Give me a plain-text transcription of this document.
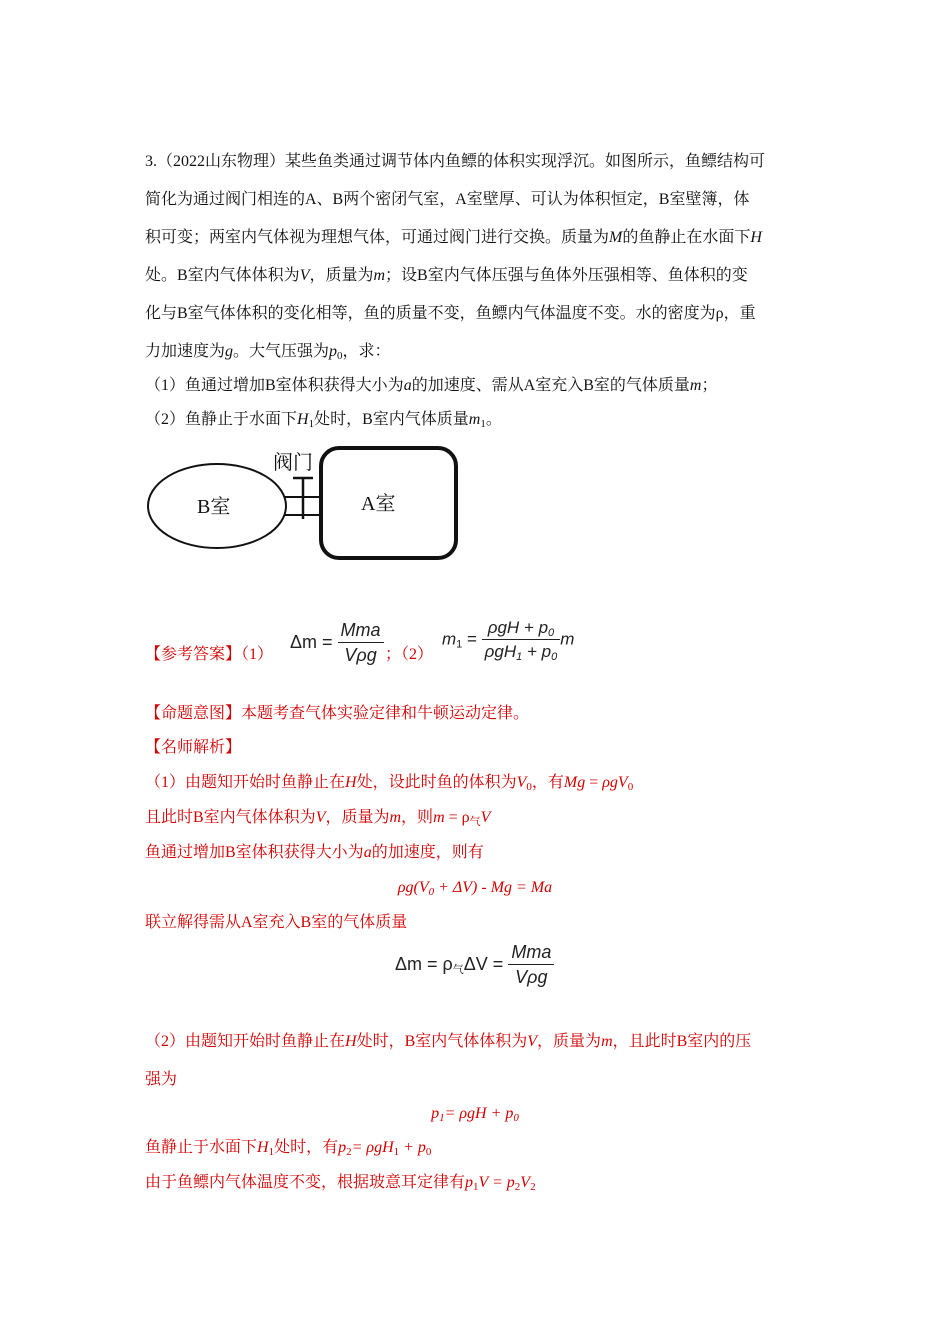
3.（2022山东物理）某些鱼类通过调节体内鱼鳔的体积实现浮沉。如图所示，鱼鳔结构可
简化为通过阀门相连的A、B两个密闭气室，A室壁厚、可认为体积恒定，B室壁簿，体
积可变；两室内气体视为理想气体，可通过阀门进行交换。质量为M的鱼静止在水面下H
处。B室内气体体积为V，质量为m；设B室内气体压强与鱼体外压强相等、鱼体积的变
化与B室气体体积的变化相等，鱼的质量不变，鱼鳔内气体温度不变。水的密度为ρ，重
力加速度为g。大气压强为$p_0$，求：
（1）鱼通过增加B室体积获得大小为a的加速度、需从A室充入B室的气体质量m；
（2）鱼静止于水面下$H_1$处时，B室内气体质量$m_1$。
阀门
B室	A室
【参考答案】（1）
$\Delta m = \frac{\text{Mma}}{\text{Vρg}}$ ；（2）
$m_1 = \frac{\rho gH + p_0}{\rho gH_1 + p_0}$ m
【命题意图】本题考查气体实验定律和牛顿运动定律。
【名师解析】
（1）由题知开始时鱼静止在H处，设此时鱼的体积为$V_0$，有Mg = ρgV$_0$
且此时B室内气体体积为V，质量为m，则$m = \rho_气V$
鱼通过增加B室体积获得大小为a的加速度，则有
$\rho g(V_0 + \Delta V) - Mg = Ma$
联立解得需从A室充入B室的气体质量
$\Delta m = \rho_气\Delta V = \frac{\text{Mma}}{\text{Vρg}}$
（2）由题知开始时鱼静止在H处时，B室内气体体积为V，质量为m，且此时B室内的压
强为
$p_1= \rho gH + p_0$
鱼静止于水面下$H_1$处时，有$p_2= \rho gH_1 + p_0$
由于鱼鳔内气体温度不变，根据玻意耳定律有$p_1V = p_2V_2$
